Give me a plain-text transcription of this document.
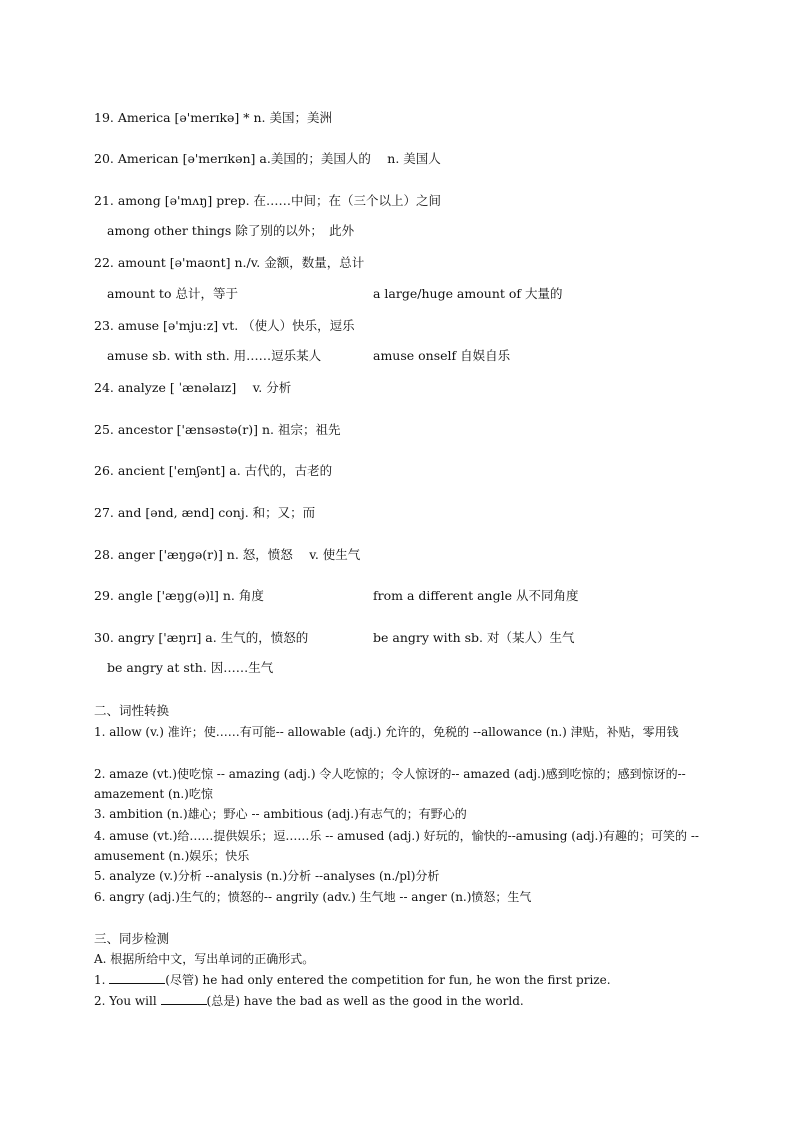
19. America [ə'merɪkə] * n. 美国；美洲
20. American [ə'merɪkən] a.美国的；美国人的　 n. 美国人
21. among [ə'mʌŋ] prep. 在……中间；在（三个以上）之间
among other things 除了别的以外；　此外
22. amount [ə'maʊnt] n./v. 金额，数量，总计
amount to 总计，等于	a large/huge amount of 大量的
23. amuse [ə'mju:z] vt. （使人）快乐，逗乐
amuse sb. with sth. 用……逗乐某人	amuse onself 自娱自乐
24. analyze [ ˈænəlaɪz] 　v. 分析
25. ancestor ['ænsəstə(r)] n. 祖宗；祖先
26. ancient ['eɪnʃənt] a. 古代的，古老的
27. and [ənd, ænd] conj. 和；又；而
28. anger ['æŋɡə(r)] n. 怒，愤怒　 v. 使生气
29. angle ['æŋɡ(ə)l] n. 角度	from a different angle 从不同角度
30. angry ['æŋrɪ] a. 生气的，愤怒的	be angry with sb. 对（某人）生气
be angry at sth. 因……生气
二、词性转换
1. allow (v.) 准许；使……有可能-- allowable (adj.) 允许的，免税的 --allowance (n.) 津贴，补贴，零用钱
2. amaze (vt.)使吃惊 -- amazing (adj.) 令人吃惊的；令人惊讶的-- amazed (adj.)感到吃惊的；感到惊讶的-- amazement (n.)吃惊
3. ambition (n.)雄心；野心 -- ambitious (adj.)有志气的；有野心的
4. amuse (vt.)给……提供娱乐；逗……乐 -- amused (adj.) 好玩的，愉快的--amusing (adj.)有趣的；可笑的 -- amusement (n.)娱乐；快乐
5. analyze (v.)分析 --analysis (n.)分析 --analyses (n./pl)分析
6. angry (adj.)生气的；愤怒的-- angrily (adv.) 生气地 -- anger (n.)愤怒；生气
三、同步检测
A. 根据所给中文，写出单词的正确形式。
1.	(尽管) he had only entered the competition for fun, he won the first prize.
2. You will	(总是) have the bad as well as the good in the world.
